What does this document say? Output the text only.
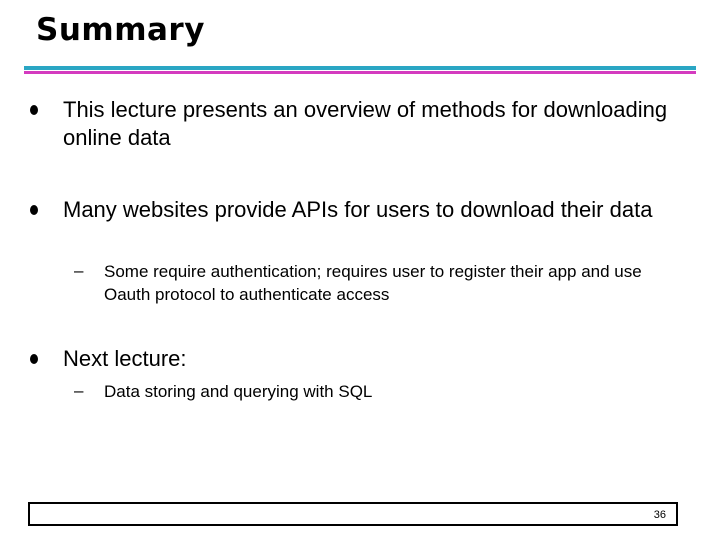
Summary
This lecture presents an overview of methods for downloading online data
Many websites provide APIs for users to download their data
– Some require authentication; requires user to register their app and use Oauth protocol to authenticate access
Next lecture:
– Data storing and querying with SQL
36
